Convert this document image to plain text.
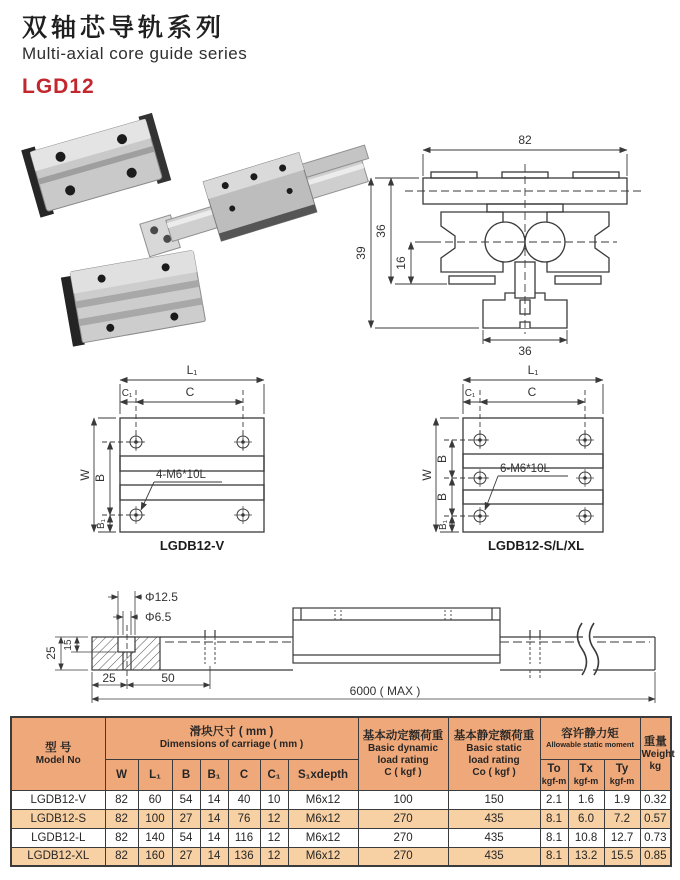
双轴芯导轨系列
Multi-axial core guide series
LGD12
82
39
36
16
36
L₁
C₁	C
W B
B₁
4-M6*10L
LGDB12-V
L₁
C₁	C
W
B
B
B₁
6-M6*10L
LGDB12-S/L/XL
Φ12.5
Φ6.5
25
15
25	50
6000 ( MAX )
型 号
Model No

滑块尺寸 ( mm )
Dimensions of carriage ( mm )

基本动定额荷重
Basic dynamic
load rating
C ( kgf )

基本静定额荷重
Basic static
load rating
Co ( kgf )

容许静力矩
Allowable static moment	重量
Weight
kg

W	L₁	B	B₁	C	C₁	S₁xdepth	To
kgf-m

Tx
kgf-m

Ty
kgf-m

LGDB12-V	82	60	54	14	40	10	M6x12	100	150	2.1	1.6	1.9	0.32
LGDB12-S	82	100	27	14	76	12	M6x12	270	435	8.1	6.0	7.2	0.57
LGDB12-L	82	140	54	14	116	12	M6x12	270	435	8.1	10.8	12.7	0.73
LGDB12-XL	82	160	27	14	136	12	M6x12	270	435	8.1	13.2	15.5	0.85
